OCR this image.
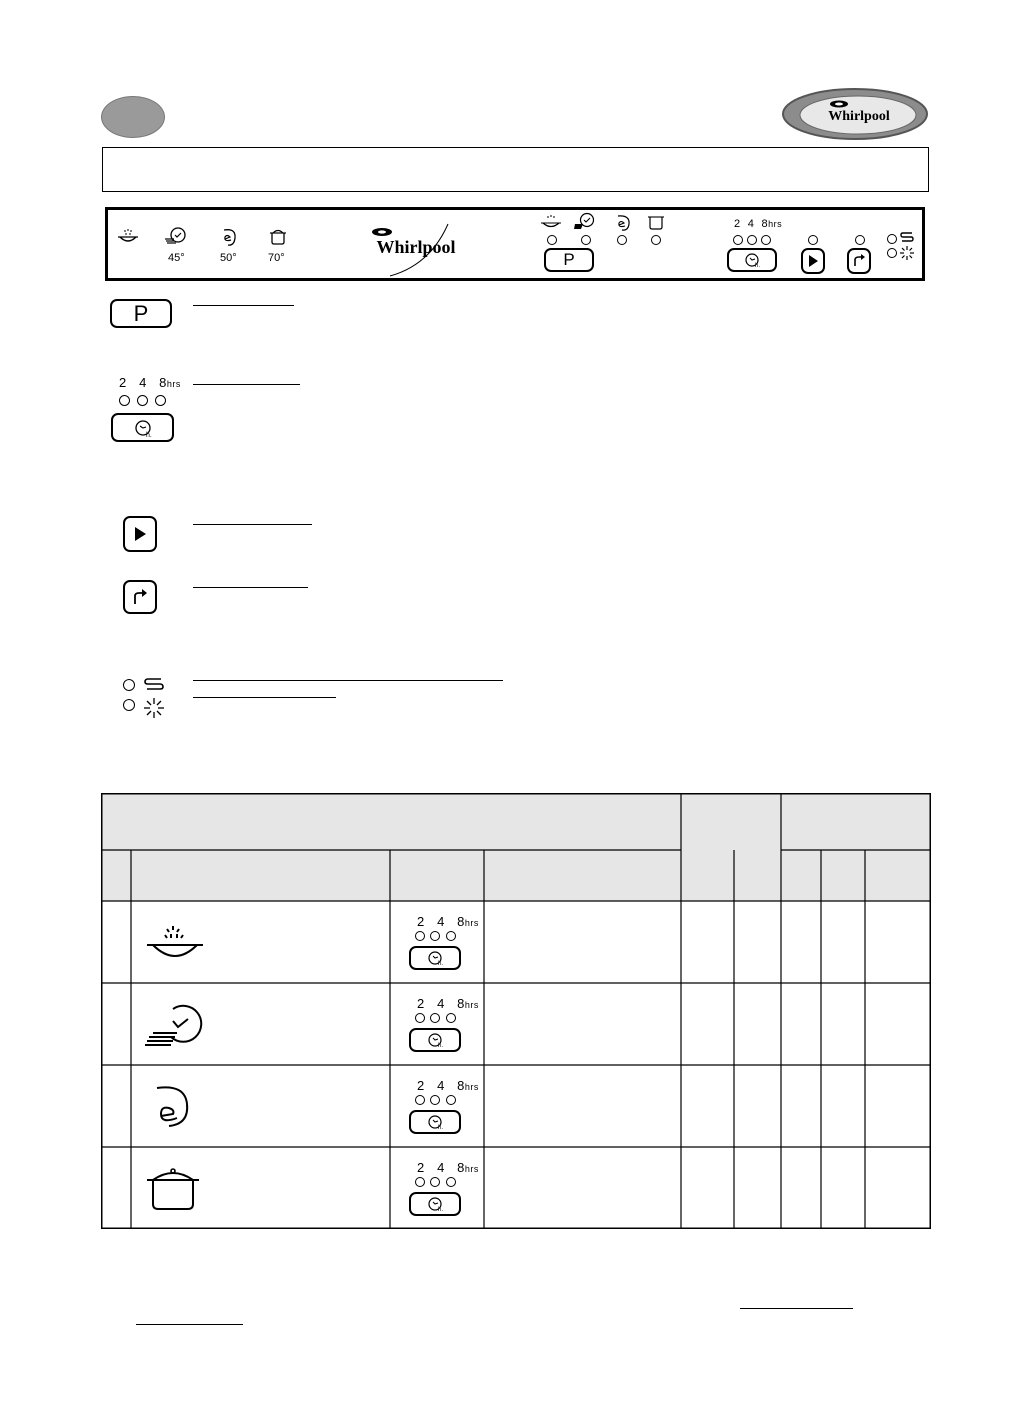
Whirlpool
45°	50°	70°
Whirlpool
P
2 4 8hrs
h.
P
2 4 8hrs
h.
2 4 8hrs
h.
2 4 8hrs
h.
2 4 8hrs
h.
2 4 8hrs
h.
